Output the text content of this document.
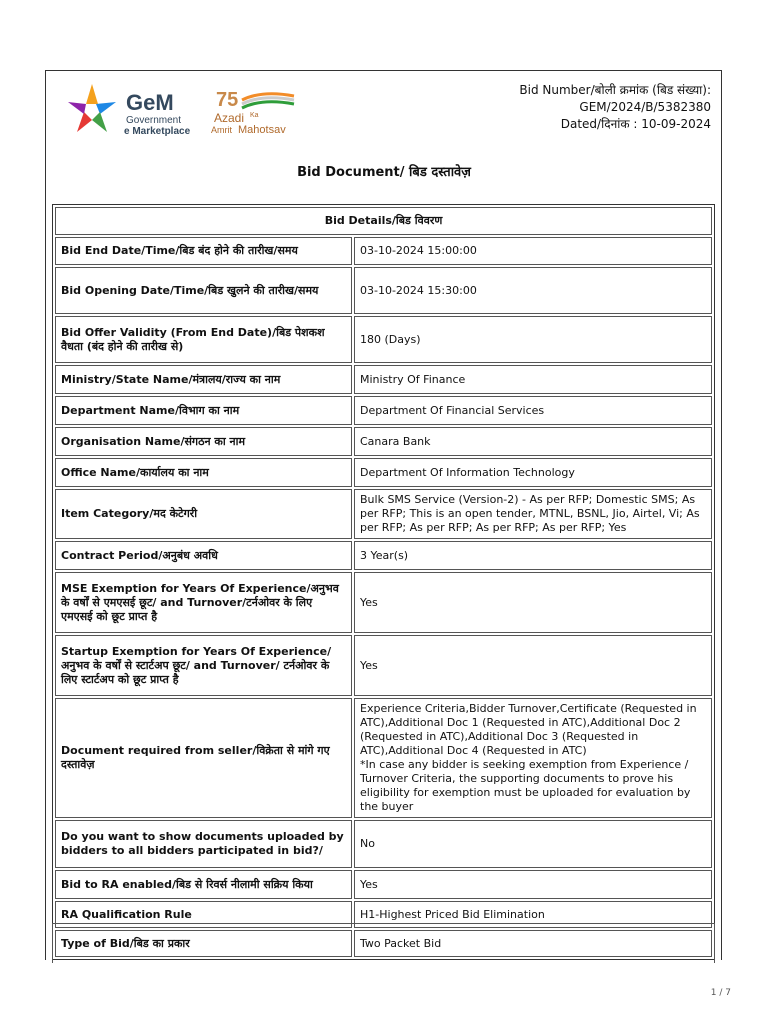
GeM
Government
e Marketplace
75
Azadi Ka
Amrit Mahotsav
Bid Number/बोली क्रमांक (बिड संख्या):
GEM/2024/B/5382380
Dated/दिनांक : 10-09-2024
Bid Document/ बिड दस्तावेज़
Bid Details/बिड विवरण	
Bid End Date/Time/बिड बंद होने की तारीख/समय	03-10-2024 15:00:00

Bid Opening Date/Time/बिड खुलने की तारीख/समय	03-10-2024 15:30:00

Bid Offer Validity (From End Date)/बिड पेशकश वैधता (बंद होने की तारीख से)	180 (Days)

Ministry/State Name/मंत्रालय/राज्य का नाम	Ministry Of Finance

Department Name/विभाग का नाम	Department Of Financial Services

Organisation Name/संगठन का नाम	Canara Bank

Office Name/कार्यालय का नाम	Department Of Information Technology

Item Category/मद केटेगरी	Bulk SMS Service (Version-2) - As per RFP; Domestic SMS; As per RFP; This is an open tender, MTNL, BSNL, Jio, Airtel, Vi; As per RFP; As per RFP; As per RFP; As per RFP; Yes

Contract Period/अनुबंध अवधि	3 Year(s)

MSE Exemption for Years Of Experience/अनुभव के वर्षों से एमएसई छूट/ and Turnover/टर्नओवर के लिए एमएसई को छूट प्राप्त है	Yes

Startup Exemption for Years Of Experience/अनुभव के वर्षों से स्टार्टअप छूट/ and Turnover/ टर्नओवर के लिए स्टार्टअप को छूट प्राप्त है	Yes

Document required from seller/विक्रेता से मांगे गए दस्तावेज़	Experience Criteria,Bidder Turnover,Certificate (Requested in ATC),Additional Doc 1 (Requested in ATC),Additional Doc 2 (Requested in ATC),Additional Doc 3 (Requested in ATC),Additional Doc 4 (Requested in ATC)
*In case any bidder is seeking exemption from Experience / Turnover Criteria, the supporting documents to prove his eligibility for exemption must be uploaded for evaluation by the buyer

Do you want to show documents uploaded by bidders to all bidders participated in bid?/	No

Bid to RA enabled/बिड से रिवर्स नीलामी सक्रिय किया	Yes

RA Qualification Rule	H1-Highest Priced Bid Elimination

Type of Bid/बिड का प्रकार	Two Packet Bid
1 / 7
